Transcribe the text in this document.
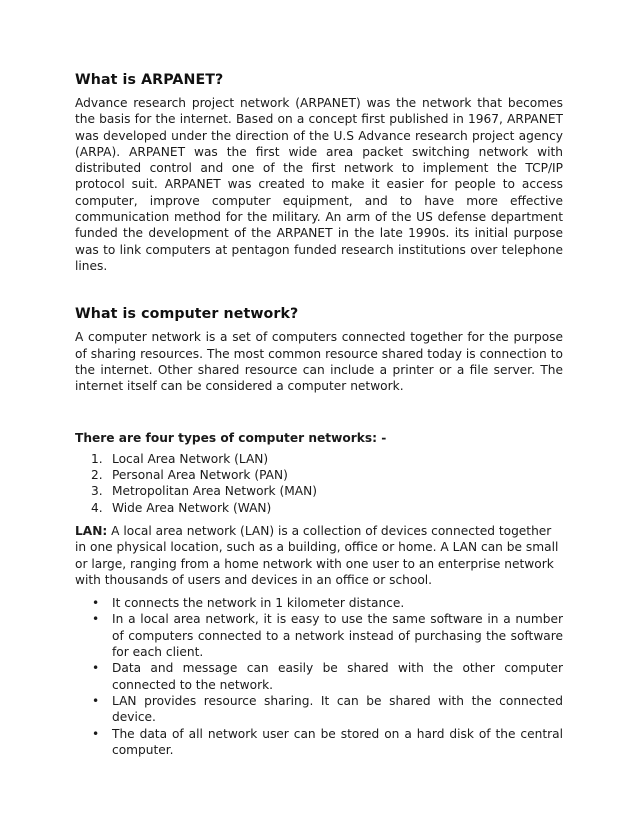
What is ARPANET?

Advance research project network (ARPANET) was the network that becomes the basis for the internet. Based on a concept first published in 1967, ARPANET was developed under the direction of the U.S Advance research project agency (ARPA). ARPANET was the first wide area packet switching network with distributed control and one of the first network to implement the TCP/IP protocol suit. ARPANET was created to make it easier for people to access computer, improve computer equipment, and to have more effective communication method for the military. An arm of the US defense department funded the development of the ARPANET in the late 1990s. its initial purpose was to link computers at pentagon funded research institutions over telephone lines.

What is computer network?

A computer network is a set of computers connected together for the purpose of sharing resources. The most common resource shared today is connection to the internet. Other shared resource can include a printer or a file server. The internet itself can be considered a computer network.

There are four types of computer networks: -
1. Local Area Network (LAN)
2. Personal Area Network (PAN)
3. Metropolitan Area Network (MAN)
4. Wide Area Network (WAN)

LAN: A local area network (LAN) is a collection of devices connected together in one physical location, such as a building, office or home. A LAN can be small or large, ranging from a home network with one user to an enterprise network with thousands of users and devices in an office or school.

• It connects the network in 1 kilometer distance.
• In a local area network, it is easy to use the same software in a number of computers connected to a network instead of purchasing the software for each client.
• Data and message can easily be shared with the other computer connected to the network.
• LAN provides resource sharing. It can be shared with the connected device.
• The data of all network user can be stored on a hard disk of the central computer.
